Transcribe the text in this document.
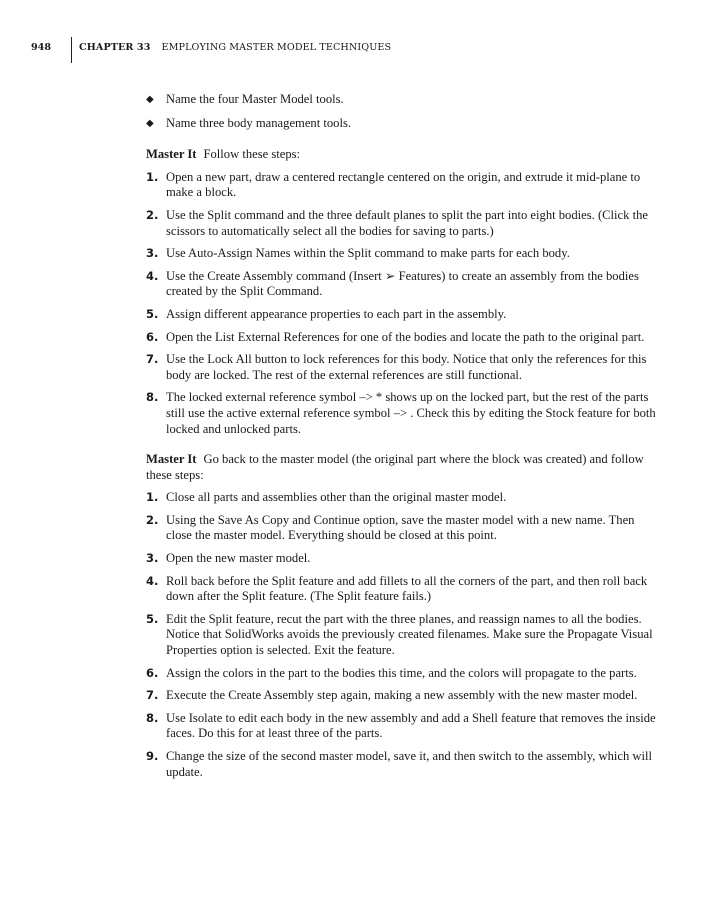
948	CHAPTER 33 EMPLOYING MASTER MODEL TECHNIQUES
◆ Name the four Master Model tools.
◆ Name three body management tools.
Master It Follow these steps:
1. Open a new part, draw a centered rectangle centered on the origin, and extrude it mid-plane to make a block.
2. Use the Split command and the three default planes to split the part into eight bodies. (Click the scissors to automatically select all the bodies for saving to parts.)
3. Use Auto-Assign Names within the Split command to make parts for each body.
4. Use the Create Assembly command (Insert ➢ Features) to create an assembly from the bodies created by the Split Command.
5. Assign different appearance properties to each part in the assembly.
6. Open the List External References for one of the bodies and locate the path to the original part.
7. Use the Lock All button to lock references for this body. Notice that only the references for this body are locked. The rest of the external references are still functional.
8. The locked external reference symbol –> * shows up on the locked part, but the rest of the parts still use the active external reference symbol –> . Check this by editing the Stock feature for both locked and unlocked parts.
Master It Go back to the master model (the original part where the block was created) and follow these steps:
1. Close all parts and assemblies other than the original master model.
2. Using the Save As Copy and Continue option, save the master model with a new name. Then close the master model. Everything should be closed at this point.
3. Open the new master model.
4. Roll back before the Split feature and add fillets to all the corners of the part, and then roll back down after the Split feature. (The Split feature fails.)
5. Edit the Split feature, recut the part with the three planes, and reassign names to all the bodies. Notice that SolidWorks avoids the previously created filenames. Make sure the Propagate Visual Properties option is selected. Exit the feature.
6. Assign the colors in the part to the bodies this time, and the colors will propagate to the parts.
7. Execute the Create Assembly step again, making a new assembly with the new master model.
8. Use Isolate to edit each body in the new assembly and add a Shell feature that removes the inside faces. Do this for at least three of the parts.
9. Change the size of the second master model, save it, and then switch to the assembly, which will update.
